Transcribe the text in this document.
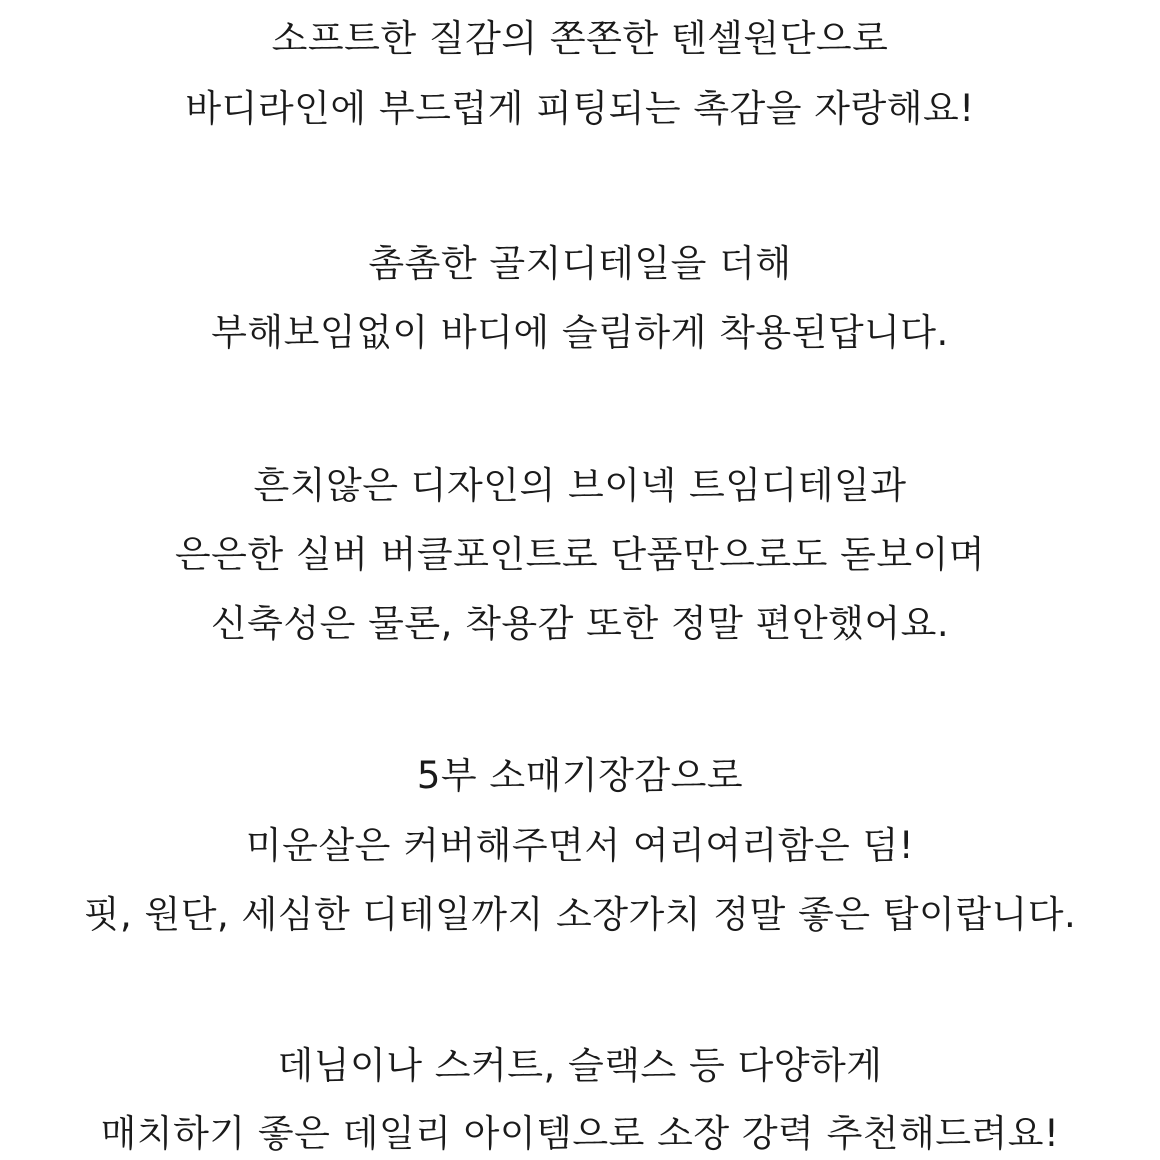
소프트한 질감의 쫀쫀한 텐셀원단으로
바디라인에 부드럽게 피팅되는 촉감을 자랑해요!
촘촘한 골지디테일을 더해
부해보임없이 바디에 슬림하게 착용된답니다.
흔치않은 디자인의 브이넥 트임디테일과
은은한 실버 버클포인트로 단품만으로도 돋보이며
신축성은 물론, 착용감 또한 정말 편안했어요.
5부 소매기장감으로
미운살은 커버해주면서 여리여리함은 덤!
핏, 원단, 세심한 디테일까지 소장가치 정말 좋은 탑이랍니다.
데님이나 스커트, 슬랙스 등 다양하게
매치하기 좋은 데일리 아이템으로 소장 강력 추천해드려요!
